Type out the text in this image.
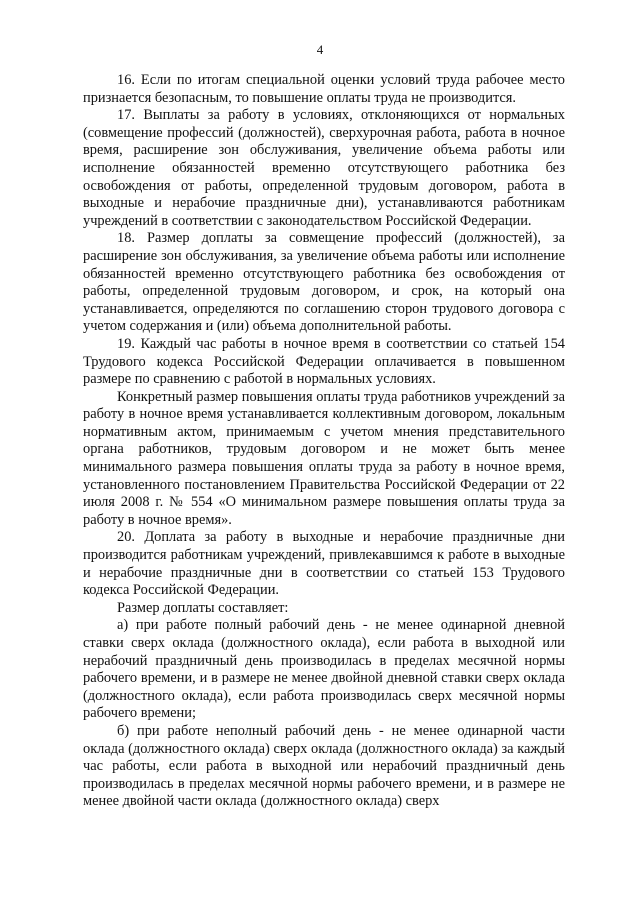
4

16. Если по итогам специальной оценки условий труда рабочее место признается безопасным, то повышение оплаты труда не производится.

17. Выплаты за работу в условиях, отклоняющихся от нормальных (совмещение профессий (должностей), сверхурочная работа, работа в ночное время, расширение зон обслуживания, увеличение объема работы или исполнение обязанностей временно отсутствующего работника без освобождения от работы, определенной трудовым договором, работа в выходные и нерабочие праздничные дни), устанавливаются работникам учреждений в соответствии с законодательством Российской Федерации.

18. Размер доплаты за совмещение профессий (должностей), за расширение зон обслуживания, за увеличение объема работы или исполнение обязанностей временно отсутствующего работника без освобождения от работы, определенной трудовым договором, и срок, на который она устанавливается, определяются по соглашению сторон трудового договора с учетом содержания и (или) объема дополнительной работы.

19. Каждый час работы в ночное время в соответствии со статьей 154 Трудового кодекса Российской Федерации оплачивается в повышенном размере по сравнению с работой в нормальных условиях.

Конкретный размер повышения оплаты труда работников учреждений за работу в ночное время устанавливается коллективным договором, локальным нормативным актом, принимаемым с учетом мнения представительного органа работников, трудовым договором и не может быть менее минимального размера повышения оплаты труда за работу в ночное время, установленного постановлением Правительства Российской Федерации от 22 июля 2008 г. № 554 «О минимальном размере повышения оплаты труда за работу в ночное время».

20. Доплата за работу в выходные и нерабочие праздничные дни производится работникам учреждений, привлекавшимся к работе в выходные и нерабочие праздничные дни в соответствии со статьей 153 Трудового кодекса Российской Федерации.

Размер доплаты составляет:

а) при работе полный рабочий день - не менее одинарной дневной ставки сверх оклада (должностного оклада), если работа в выходной или нерабочий праздничный день производилась в пределах месячной нормы рабочего времени, и в размере не менее двойной дневной ставки сверх оклада (должностного оклада), если работа производилась сверх месячной нормы рабочего времени;

б) при работе неполный рабочий день - не менее одинарной части оклада (должностного оклада) сверх оклада (должностного оклада) за каждый час работы, если работа в выходной или нерабочий праздничный день производилась в пределах месячной нормы рабочего времени, и в размере не менее двойной части оклада (должностного оклада) сверх
